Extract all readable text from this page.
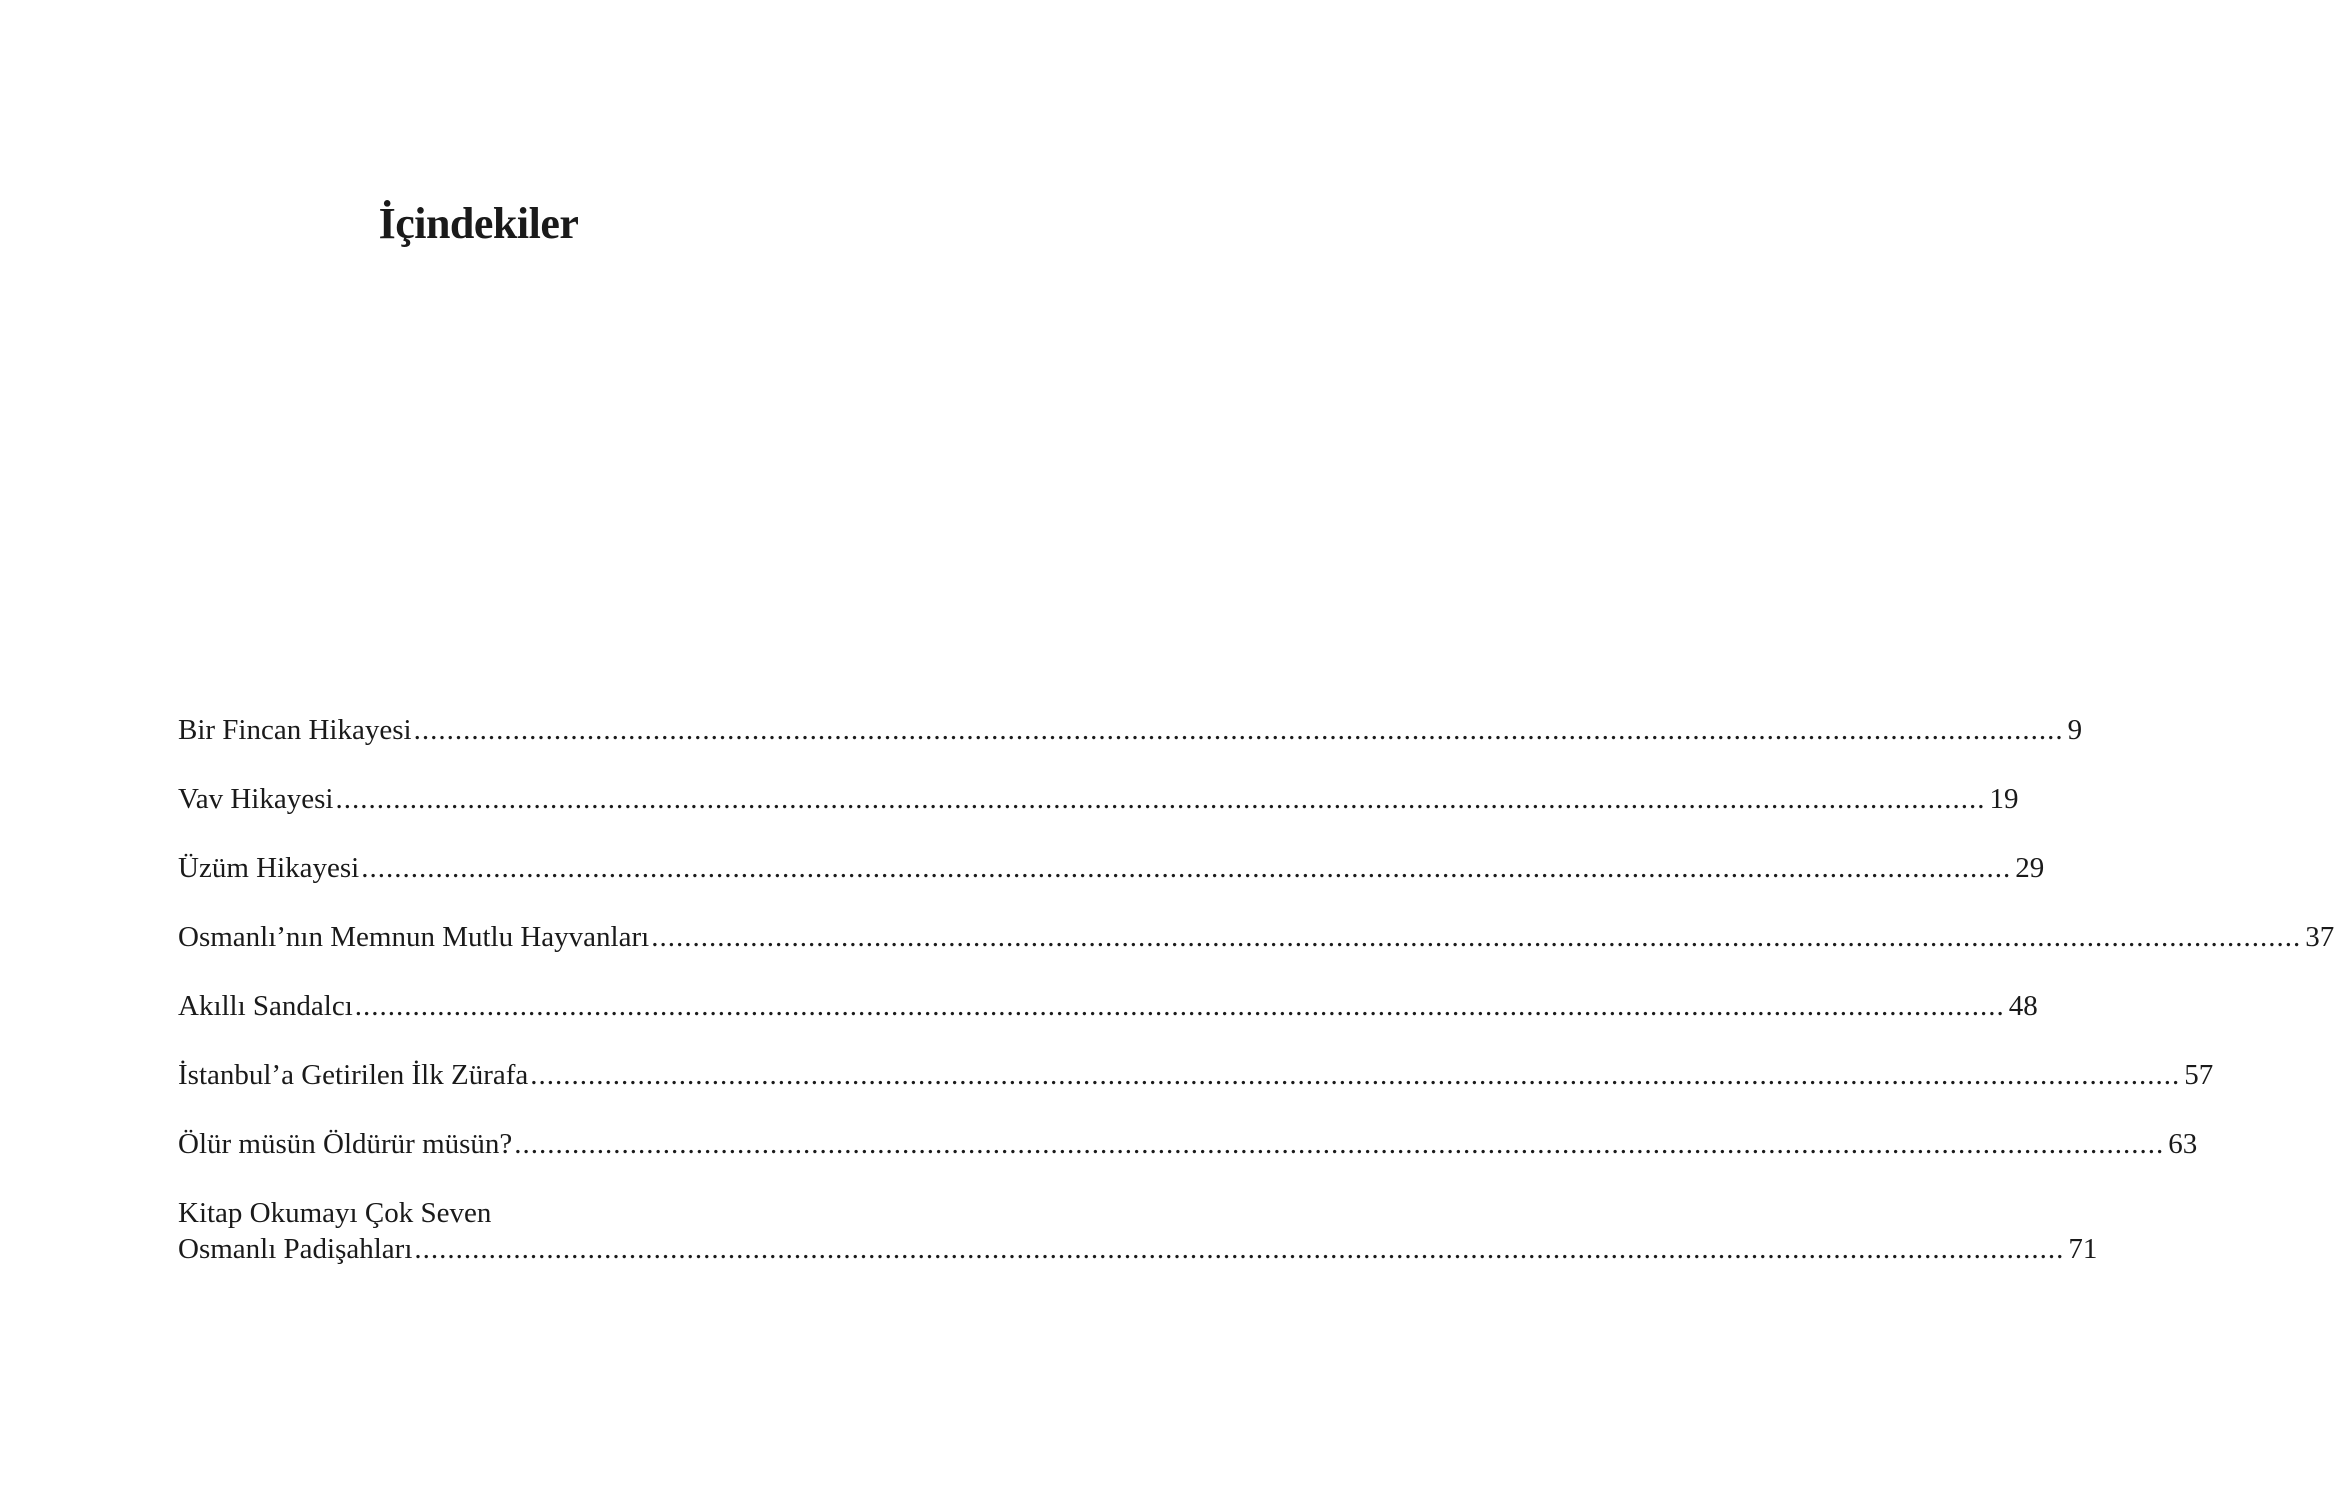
İçindekiler
Bir Fincan Hikayesi ........................................................................................................................................................................................................ 9
Vav Hikayesi ........................................................................................................................................................................................................ 19
Üzüm Hikayesi ........................................................................................................................................................................................................ 29
Osmanlı’nın Memnun Mutlu Hayvanları ........................................................................................................................................................................................................ 37
Akıllı Sandalcı ........................................................................................................................................................................................................ 48
İstanbul’a Getirilen İlk Zürafa ........................................................................................................................................................................................................ 57
Ölür müsün Öldürür müsün? ........................................................................................................................................................................................................ 63
Kitap Okumayı Çok Seven
Osmanlı Padişahları ........................................................................................................................................................................................................ 71
